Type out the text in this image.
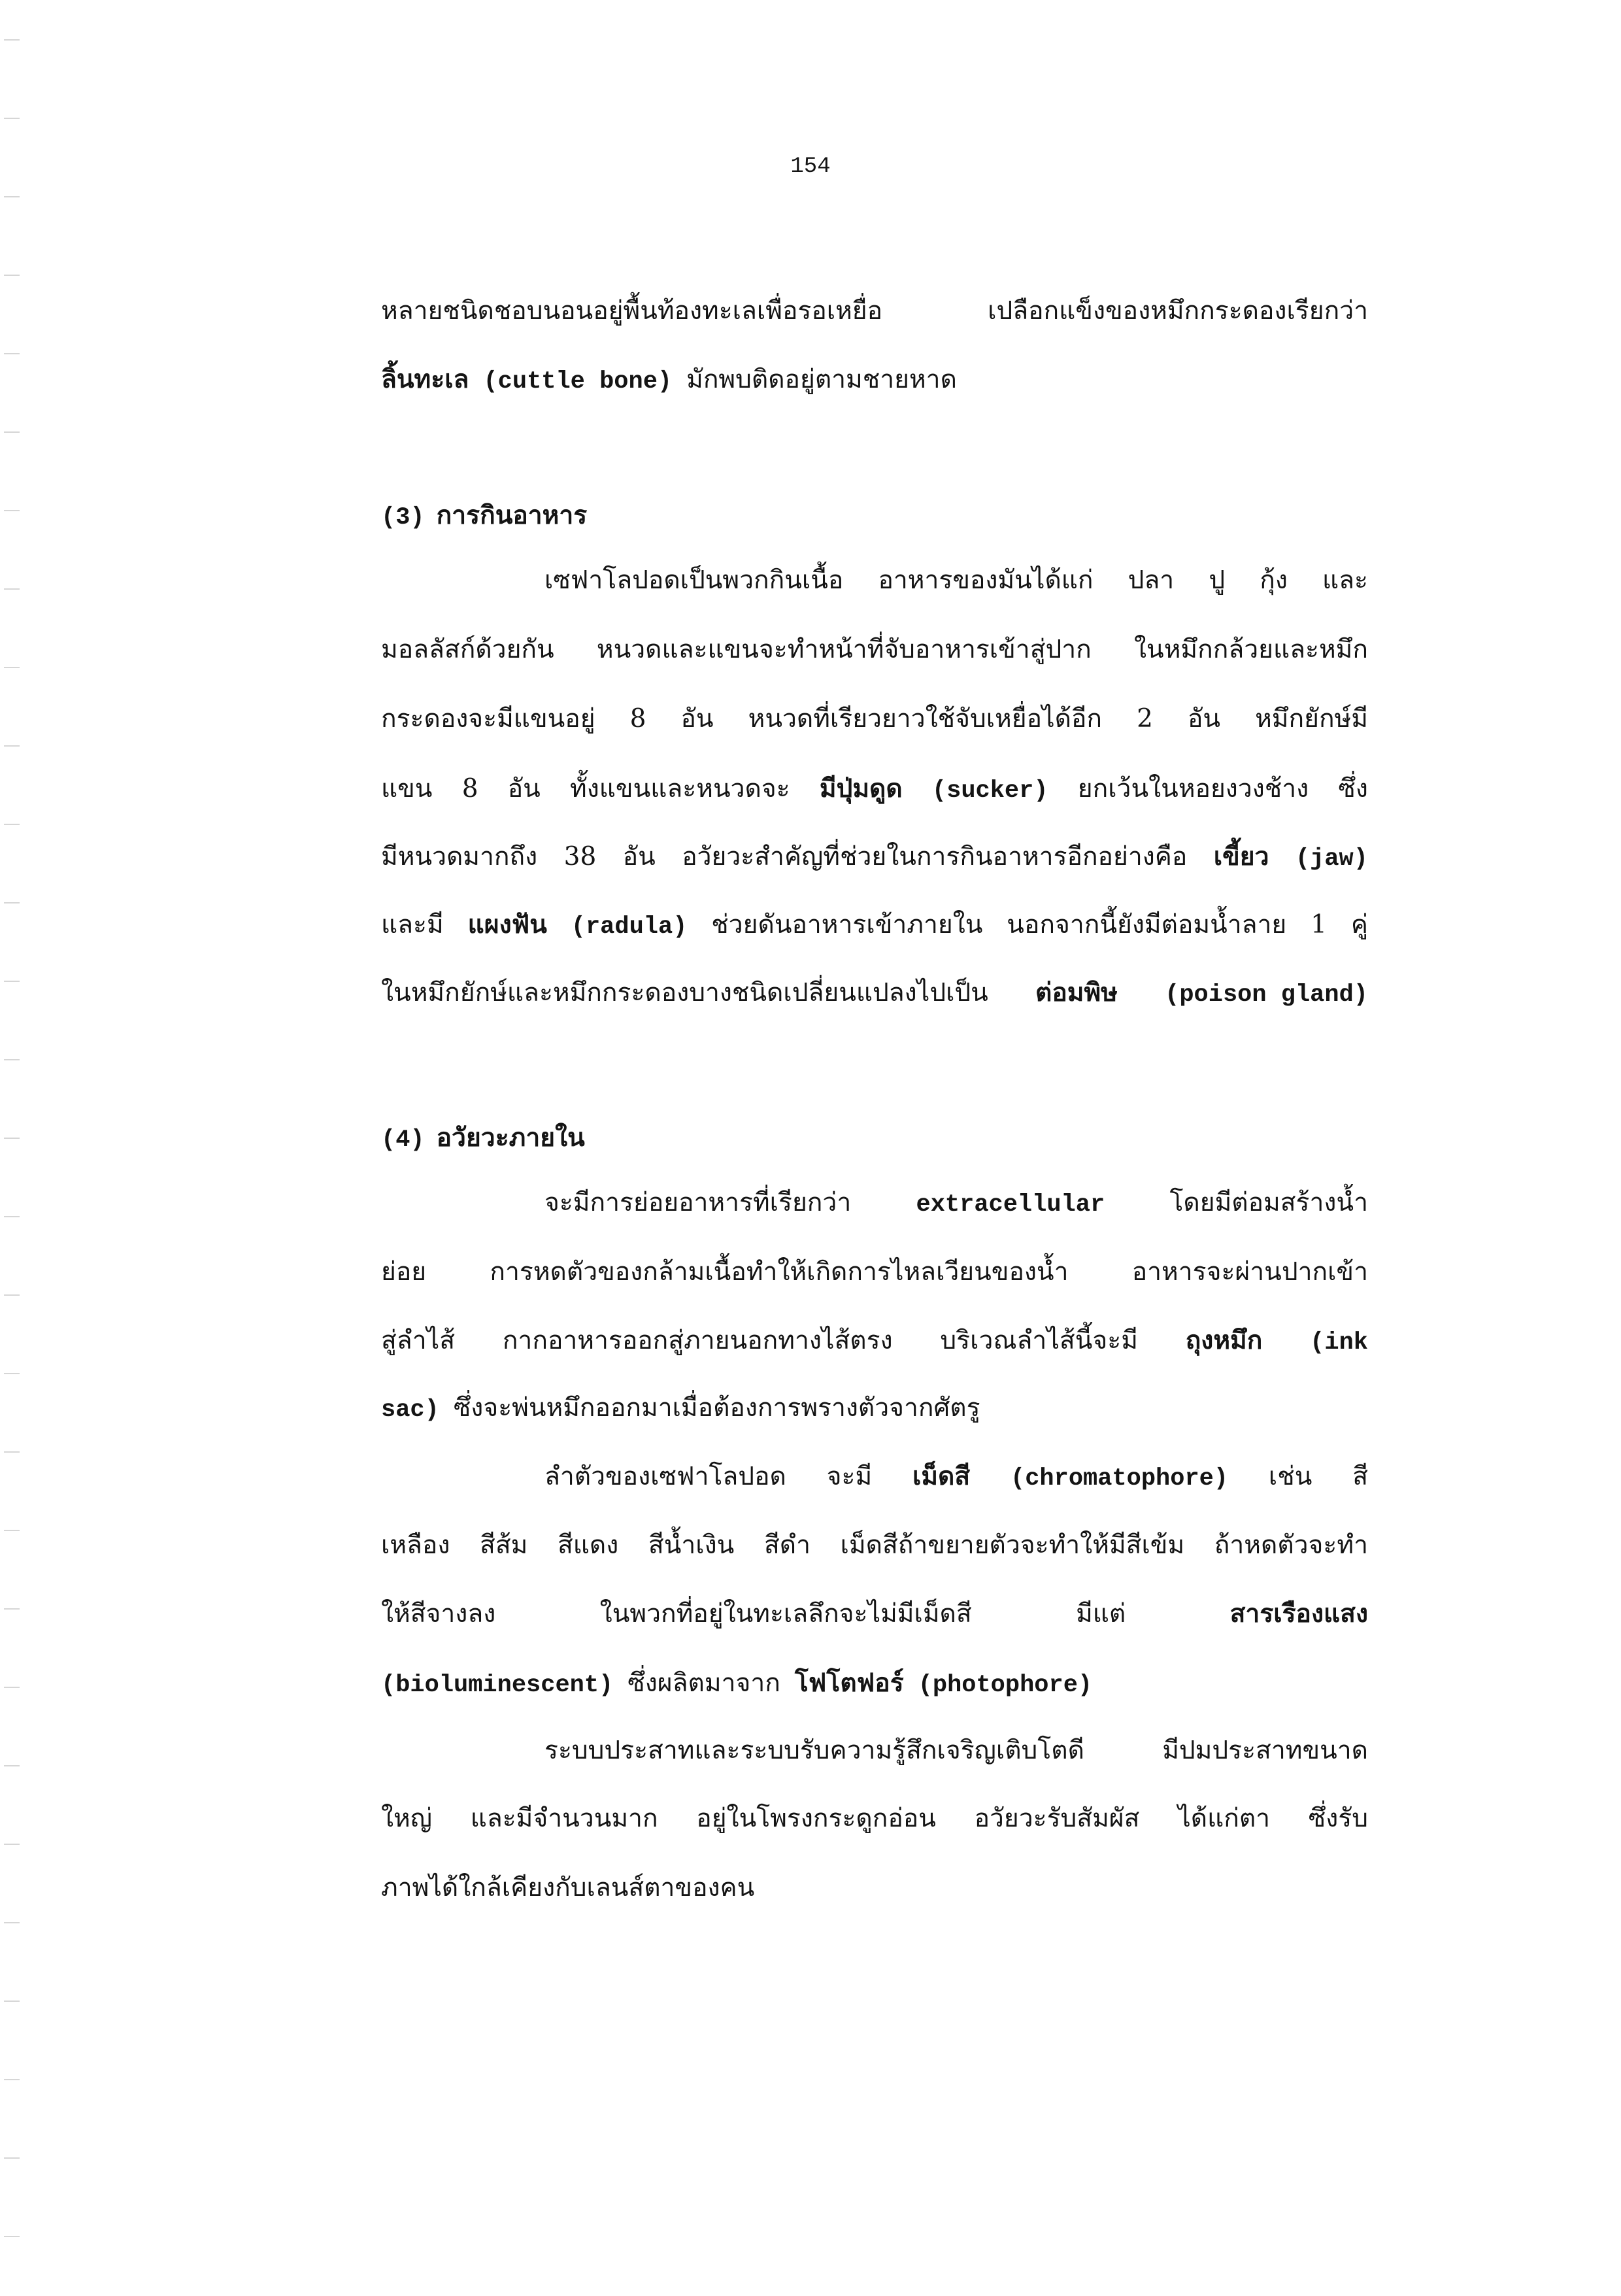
154
หลายชนิดชอบนอนอยู่พื้นท้องทะเลเพื่อรอเหยื่อ	เปลือกแข็งของหมึกกระดองเรียกว่า
ลิ้นทะเล (cuttle bone) มักพบติดอยู่ตามชายหาด
เซฟาโลปอดเป็นพวกกินเนื้อ อาหารของมันได้แก่ ปลา ปู กุ้ง และ
มอลลัสก์ด้วยกัน หนวดและแขนจะทำหน้าที่จับอาหารเข้าสู่ปาก ในหมึกกล้วยและหมึก
กระดองจะมีแขนอยู่ 8 อัน หนวดที่เรียวยาวใช้จับเหยื่อได้อีก 2 อัน หมึกยักษ์มี
แขน 8 อัน ทั้งแขนและหนวดจะ มีปุ่มดูด (sucker) ยกเว้นในหอยงวงช้าง ซึ่ง
มีหนวดมากถึง 38 อัน อวัยวะสำคัญที่ช่วยในการกินอาหารอีกอย่างคือ เขี้ยว (jaw)
และมี แผงฟัน (radula) ช่วยดันอาหารเข้าภายใน นอกจากนี้ยังมีต่อมน้ำลาย 1 คู่
ในหมึกยักษ์และหมึกกระดองบางชนิดเปลี่ยนแปลงไปเป็น ต่อมพิษ (poison gland)
จะมีการย่อยอาหารที่เรียกว่า	extracellular	โดยมีต่อมสร้างน้ำ
ย่อย การหดตัวของกล้ามเนื้อทำให้เกิดการไหลเวียนของน้ำ อาหารจะผ่านปากเข้า
สู่ลำไส้ กากอาหารออกสู่ภายนอกทางไส้ตรง บริเวณลำไส้นี้จะมี ถุงหมึก (ink
sac) ซึ่งจะพ่นหมึกออกมาเมื่อต้องการพรางตัวจากศัตรู
ลำตัวของเซฟาโลปอด จะมี เม็ดสี (chromatophore) เช่น สี
เหลือง สีส้ม สีแดง สีน้ำเงิน สีดำ เม็ดสีถ้าขยายตัวจะทำให้มีสีเข้ม ถ้าหดตัวจะทำ
ให้สีจางลง	ในพวกที่อยู่ในทะเลลึกจะไม่มีเม็ดสี	มีแต่	สารเรืองแสง
(bioluminescent) ซึ่งผลิตมาจาก โฟโตฟอร์ (photophore)
ระบบประสาทและระบบรับความรู้สึกเจริญเติบโตดี	มีปมประสาทขนาด
ใหญ่ และมีจำนวนมาก อยู่ในโพรงกระดูกอ่อน อวัยวะรับสัมผัส ได้แก่ตา ซึ่งรับ
ภาพได้ใกล้เคียงกับเลนส์ตาของคน
(3) การกินอาหาร
(4) อวัยวะภายใน
